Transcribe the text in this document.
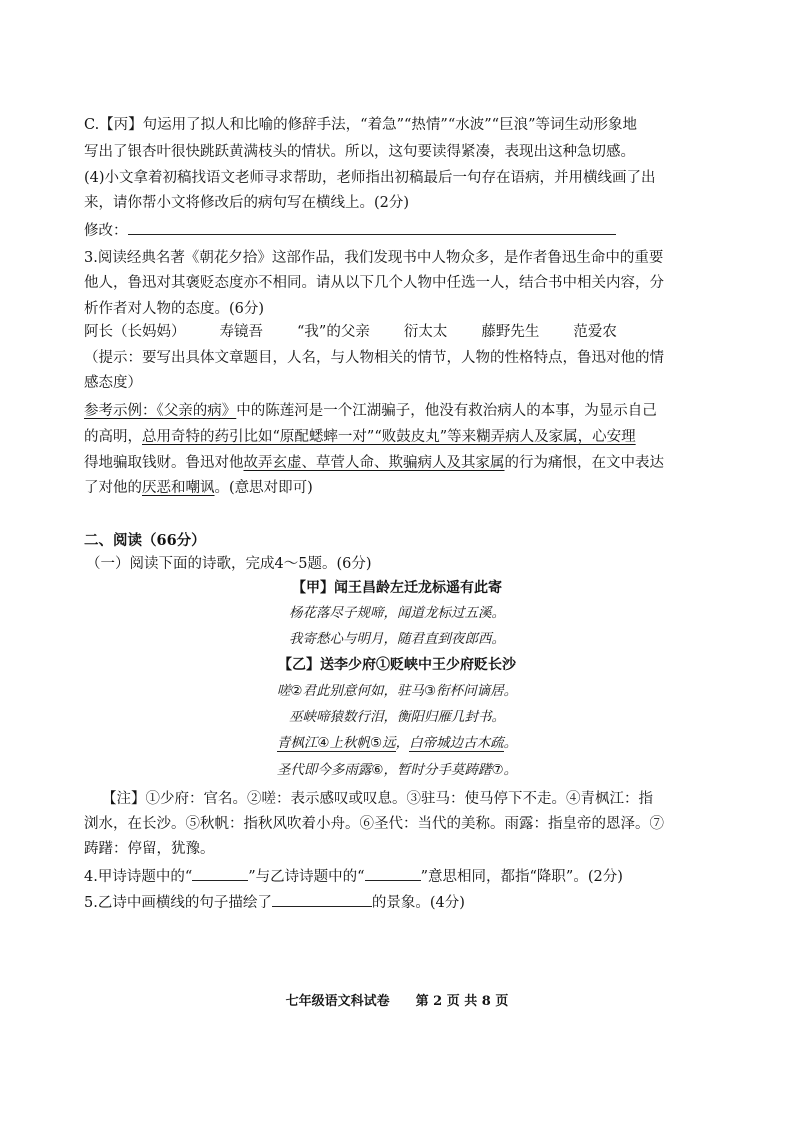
C.【丙】句运用了拟人和比喻的修辞手法，“着急”“热情”“水波”“巨浪”等词生动形象地
写出了银杏叶很快跳跃黄满枝头的情状。所以，这句要读得紧凑，表现出这种急切感。
(4)小文拿着初稿找语文老师寻求帮助，老师指出初稿最后一句存在语病，并用横线画了出
来，请你帮小文将修改后的病句写在横线上。(2分)
修改：
3.阅读经典名著《朝花夕拾》这部作品，我们发现书中人物众多，是作者鲁迅生命中的重要
他人，鲁迅对其褒贬态度亦不相同。请从以下几个人物中任选一人，结合书中相关内容，分
析作者对人物的态度。(6分)
阿长（长妈妈） 寿镜吾 “我”的父亲 衍太太 藤野先生 范爱农
（提示：要写出具体文章题目，人名，与人物相关的情节，人物的性格特点，鲁迅对他的情
感态度）
参考示例：《父亲的病》中的陈莲河是一个江湖骗子，他没有救治病人的本事，为显示自己
的高明，总用奇特的药引比如“原配蟋蟀一对”“败鼓皮丸”等来糊弄病人及家属，心安理
得地骗取钱财。鲁迅对他故弄玄虚、草菅人命、欺骗病人及其家属的行为痛恨，在文中表达
了对他的厌恶和嘲讽。(意思对即可)
二、阅读（66分）
（一）阅读下面的诗歌，完成4～5题。(6分)
【甲】闻王昌龄左迁龙标遥有此寄
杨花落尽子规啼，闻道龙标过五溪。
我寄愁心与明月，随君直到夜郎西。
【乙】送李少府①贬峡中王少府贬长沙
嗟②君此别意何如，驻马③衔杯问谪居。
巫峡啼猿数行泪，衡阳归雁几封书。
青枫江④上秋帆⑤远，白帝城边古木疏。
圣代即今多雨露⑥，暂时分手莫踌躇⑦。
【注】①少府：官名。②嗟：表示感叹或叹息。③驻马：使马停下不走。④青枫江：指
浏水，在长沙。⑤秋帆：指秋风吹着小舟。⑥圣代：当代的美称。雨露：指皇帝的恩泽。⑦
踌躇：停留，犹豫。
4.甲诗诗题中的“	”与乙诗诗题中的“	”意思相同，都指“降职”。(2分)
5.乙诗中画横线的句子描绘了	的景象。(4分)
七年级语文科试卷 第 2 页 共 8 页
